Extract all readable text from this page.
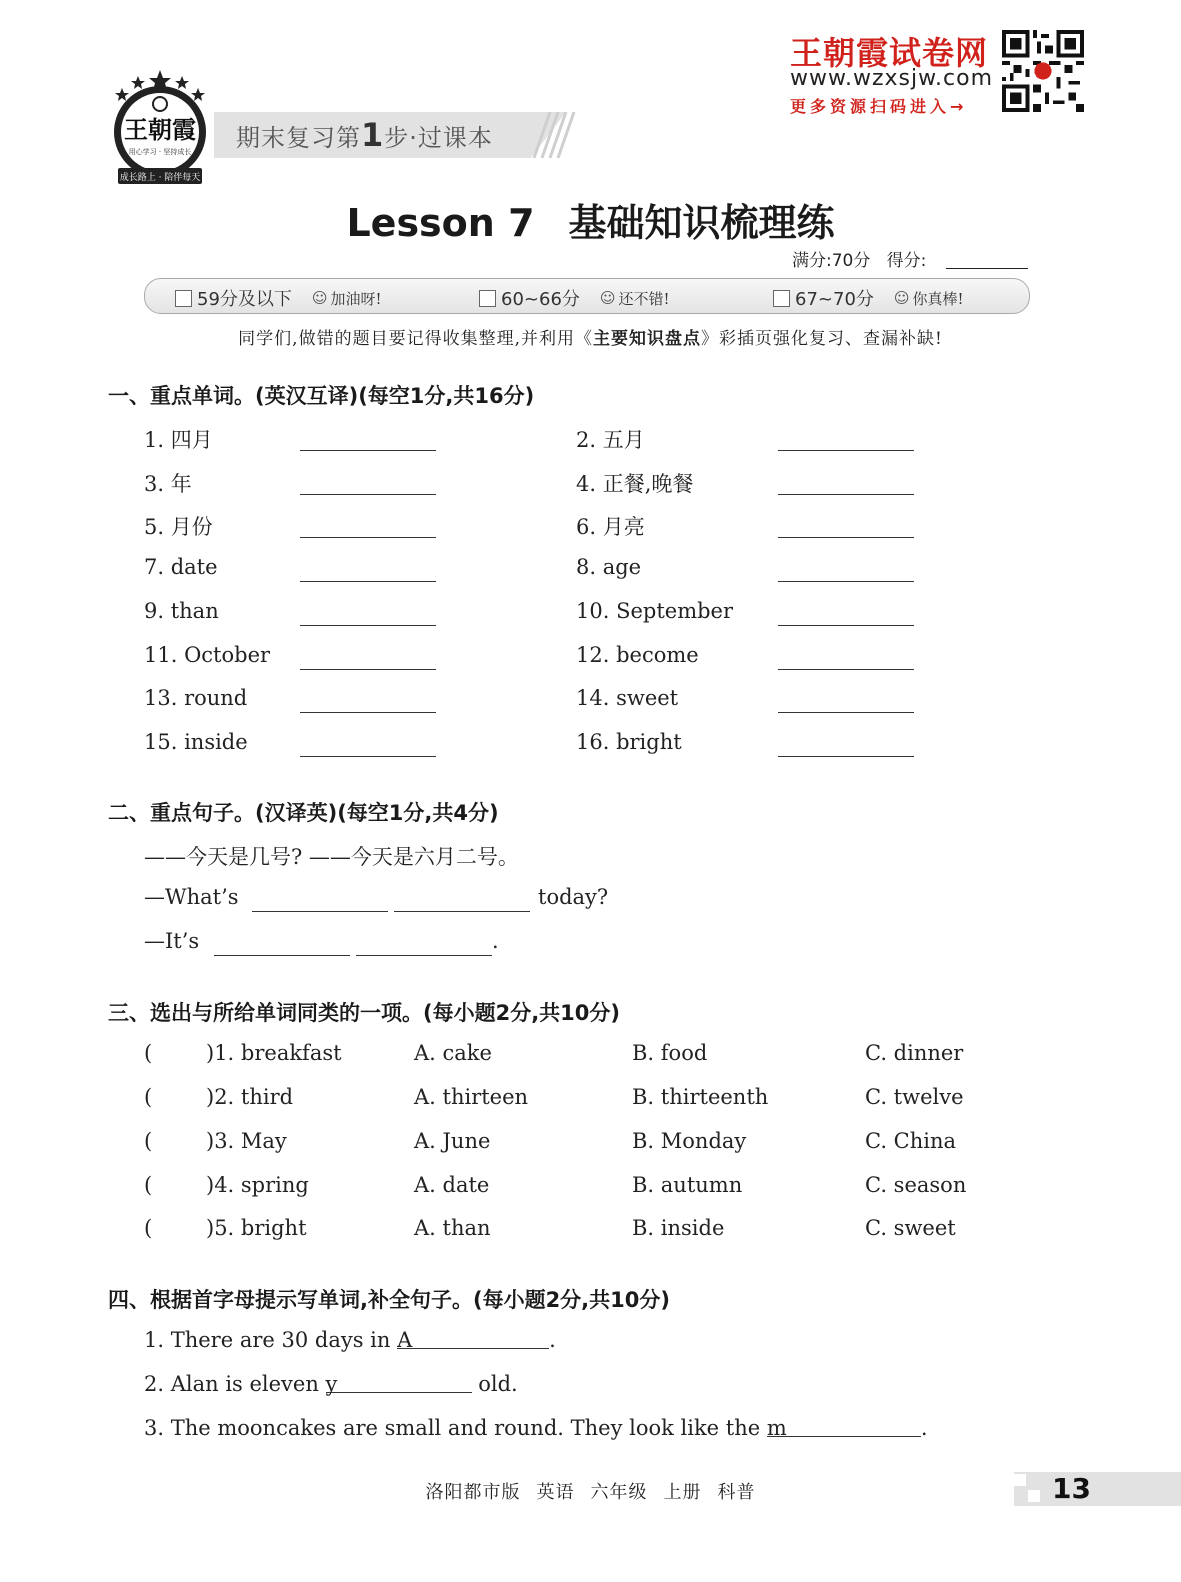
王朝霞
用心学习 · 坚持成长
成长路上 · 陪伴每天
期末复习第1步·过课本
王朝霞试卷网
www.wzxsjw.com
更多资源扫码进入→
Lesson 7 基础知识梳理练
满分:70分 得分:
59分及以下 ☺ 加油呀!	60~66分 ☺ 还不错!	67~70分 ☺ 你真棒!
同学们,做错的题目要记得收集整理,并利用《主要知识盘点》彩插页强化复习、查漏补缺!
一、重点单词。(英汉互译)(每空1分,共16分)
1. 四月	2. 五月
3. 年	4. 正餐,晚餐
5. 月份	6. 月亮
7. date	8. age
9. than	10. September
11. October	12. become
13. round	14. sweet
15. inside	16. bright
二、重点句子。(汉译英)(每空1分,共4分)
——今天是几号? ——今天是六月二号。
—What’s	today?
—It’s	.
三、选出与所给单词同类的一项。(每小题2分,共10分)
(	)1. breakfast	A. cake	B. food	C. dinner
(	)2. third	A. thirteen	B. thirteenth	C. twelve
(	)3. May	A. June	B. Monday	C. China
(	)4. spring	A. date	B. autumn	C. season
(	)5. bright	A. than	B. inside	C. sweet
四、根据首字母提示写单词,补全句子。(每小题2分,共10分)
1. There are 30 days in A	.
2. Alan is eleven y	old.
3. The mooncakes are small and round. They look like the m	.
洛阳都市版 英语 六年级 上册 科普	13
